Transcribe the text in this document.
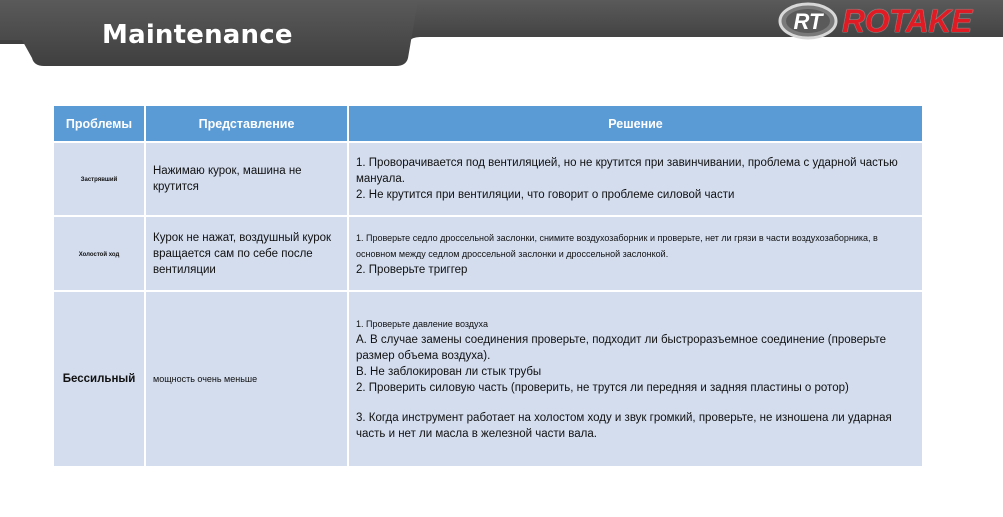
Maintenance	RT ROTAKE
Проблемы	Представление	Решение
Застрявший	Нажимаю курок, машина не крутится	1. Проворачивается под вентиляцией, но не крутится при завинчивании, проблема с ударной частью мануала.

2. Не крутится при вентиляции, что говорит о проблеме силовой части

Холостой ход	Курок не нажат, воздушный курок вращается сам по себе после вентиляции	1. Проверьте седло дроссельной заслонки, снимите воздухозаборник и проверьте, нет ли грязи в части воздухозаборника, в основном между седлом дроссельной заслонки и дроссельной заслонкой.

2. Проверьте триггер

Бессильный	мощность очень меньше	1. Проверьте давление воздуха

A. В случае замены соединения проверьте, подходит ли быстроразъемное соединение (проверьте размер объема воздуха).

B. Не заблокирован ли стык трубы

2. Проверить силовую часть (проверить, не трутся ли передняя и задняя пластины о ротор)

3. Когда инструмент работает на холостом ходу и звук громкий, проверьте, не изношена ли ударная часть и нет ли масла в железной части вала.
